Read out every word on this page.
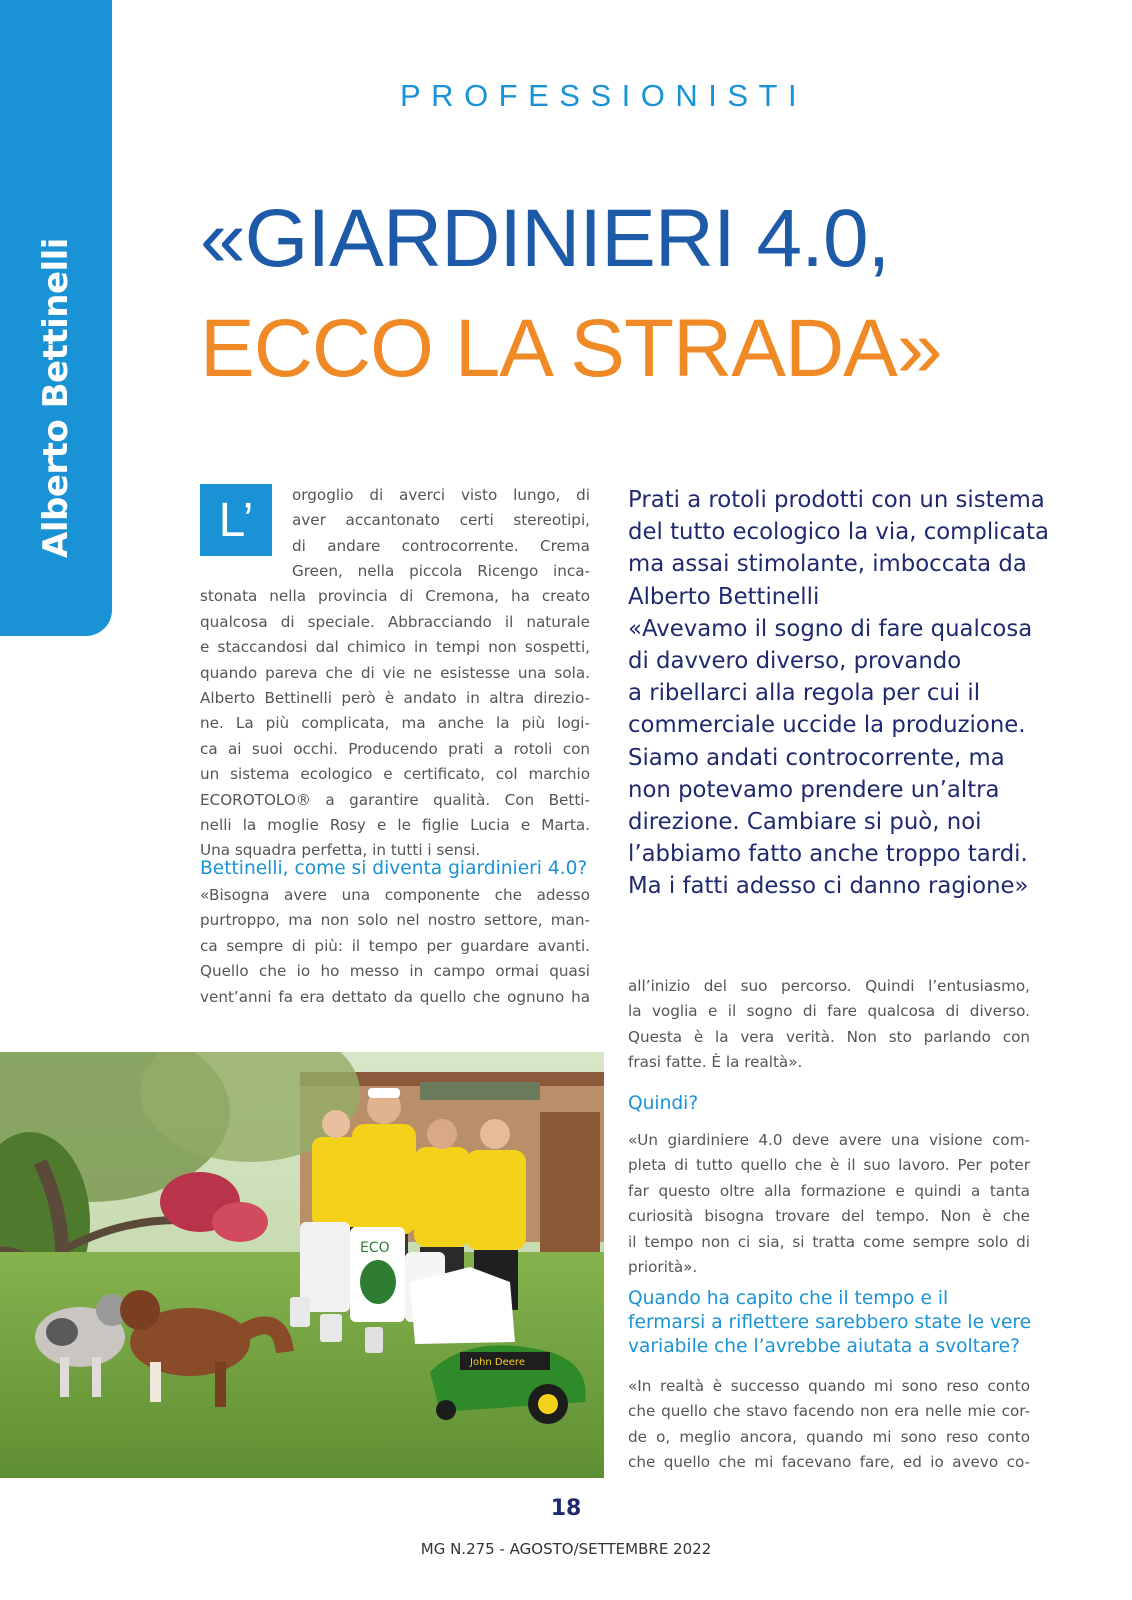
Alberto Bettinelli
PROFESSIONISTI
«GIARDINIERI 4.0,
ECCO LA STRADA»
L’	orgoglio di averci visto lungo, di
aver accantonato certi stereotipi,
di andare controcorrente. Crema
Green, nella piccola Ricengo inca-
stonata nella provincia di Cremona, ha creato
qualcosa di speciale. Abbracciando il naturale
e staccandosi dal chimico in tempi non sospetti,
quando pareva che di vie ne esistesse una sola.
Alberto Bettinelli però è andato in altra direzio-
ne. La più complicata, ma anche la più logi-
ca ai suoi occhi. Producendo prati a rotoli con
un sistema ecologico e certificato, col marchio
ECOROTOLO® a garantire qualità. Con Betti-
nelli la moglie Rosy e le figlie Lucia e Marta.
Una squadra perfetta, in tutti i sensi.
Bettinelli, come si diventa giardinieri 4.0?
«Bisogna avere una componente che adesso
purtroppo, ma non solo nel nostro settore, man-
ca sempre di più: il tempo per guardare avanti.
Quello che io ho messo in campo ormai quasi
vent’anni fa era dettato da quello che ognuno ha
Prati a rotoli prodotti con un sistema
del tutto ecologico la via, complicata
ma assai stimolante, imboccata da
Alberto Bettinelli
«Avevamo il sogno di fare qualcosa
di davvero diverso, provando
a ribellarci alla regola per cui il
commerciale uccide la produzione.
Siamo andati controcorrente, ma
non potevamo prendere un’altra
direzione. Cambiare si può, noi
l’abbiamo fatto anche troppo tardi.
Ma i fatti adesso ci danno ragione»
all’inizio del suo percorso. Quindi l’entusiasmo,
la voglia e il sogno di fare qualcosa di diverso.
Questa è la vera verità. Non sto parlando con
frasi fatte. È la realtà».
Quindi?
«Un giardiniere 4.0 deve avere una visione com-
pleta di tutto quello che è il suo lavoro. Per poter
far questo oltre alla formazione e quindi a tanta
curiosità bisogna trovare del tempo. Non è che
il tempo non ci sia, si tratta come sempre solo di
priorità».
Quando ha capito che il tempo e il
fermarsi a riflettere sarebbero state le vere
variabile che l’avrebbe aiutata a svoltare?
«In realtà è successo quando mi sono reso conto
che quello che stavo facendo non era nelle mie cor-
de o, meglio ancora, quando mi sono reso conto
che quello che mi facevano fare, ed io avevo co-
ECO
John Deere
18
MG N.275 - AGOSTO/SETTEMBRE 2022
